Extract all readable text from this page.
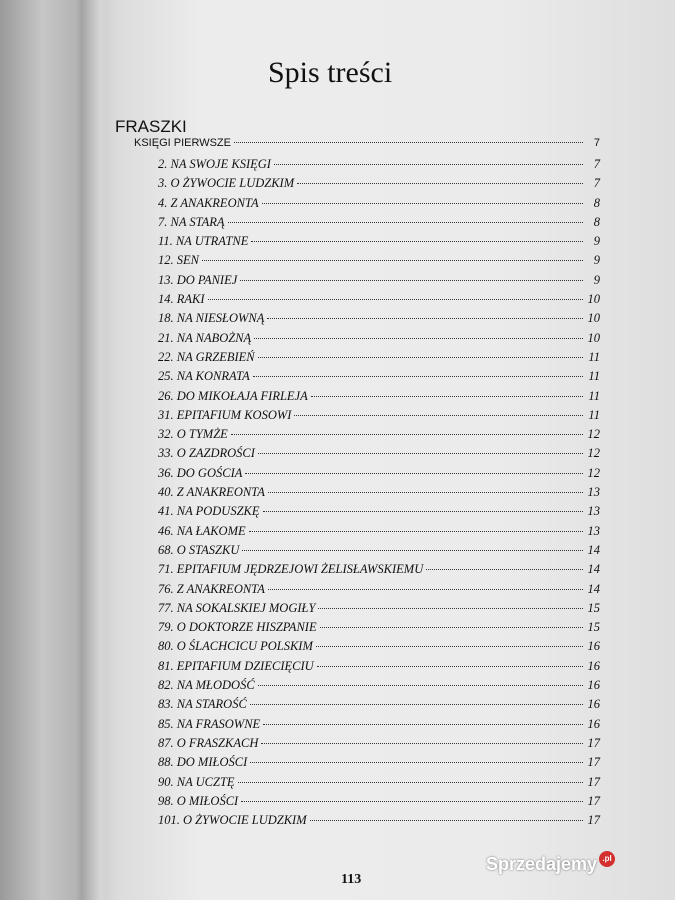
Spis treści
FRASZKI
KSIĘGI PIERWSZE	7
2. NA SWOJE KSIĘGI	7
3. O ŻYWOCIE LUDZKIM	7
4. Z ANAKREONTA	8
7. NA STARĄ	8
11. NA UTRATNE	9
12. SEN	9
13. DO PANIEJ	9
14. RAKI	10
18. NA NIESŁOWNĄ	10
21. NA NABOŻNĄ	10
22. NA GRZEBIEŃ	11
25. NA KONRATA	11
26. DO MIKOŁAJA FIRLEJA	11
31. EPITAFIUM KOSOWI	11
32. O TYMŻE	12
33. O ZAZDROŚCI	12
36. DO GOŚCIA	12
40. Z ANAKREONTA	13
41. NA PODUSZKĘ	13
46. NA ŁAKOME	13
68. O STASZKU	14
71. EPITAFIUM JĘDRZEJOWI ŻELISŁAWSKIEMU	14
76. Z ANAKREONTA	14
77. NA SOKALSKIEJ MOGIŁY	15
79. O DOKTORZE HISZPANIE	15
80. O ŚLACHCICU POLSKIM	16
81. EPITAFIUM DZIECIĘCIU	16
82. NA MŁODOŚĆ	16
83. NA STAROŚĆ	16
85. NA FRASOWNE	16
87. O FRASZKACH	17
88. DO MIŁOŚCI	17
90. NA UCZTĘ	17
98. O MIŁOŚCI	17
101. O ŻYWOCIE LUDZKIM	17
113
Sprzedajemy .pl
